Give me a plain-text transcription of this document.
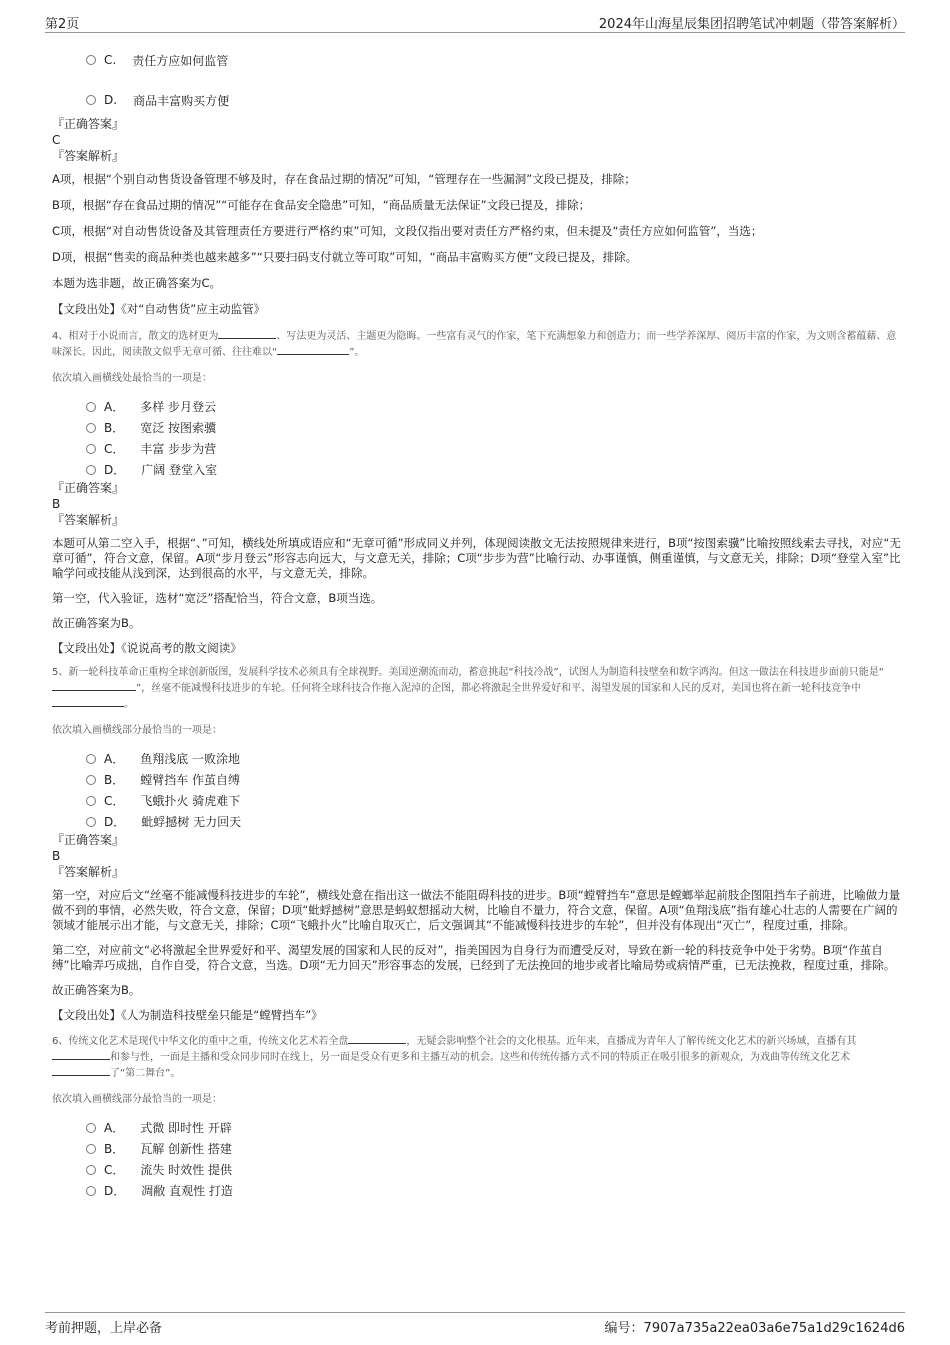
第2页	2024年山海星辰集团招聘笔试冲刺题（带答案解析）
C. 责任方应如何监管
D. 商品丰富购买方便
『正确答案』
C
『答案解析』

A项，根据“个别自动售货设备管理不够及时，存在食品过期的情况”可知，“管理存在一些漏洞”文段已提及，排除；

B项，根据“存在食品过期的情况”“可能存在食品安全隐患”可知，“商品质量无法保证”文段已提及，排除；

C项，根据“对自动售货设备及其管理责任方要进行严格约束”可知，文段仅指出要对责任方严格约束，但未提及“责任方应如何监管”，当选；

D项，根据“售卖的商品种类也越来越多”“只要扫码支付就立等可取”可知，“商品丰富购买方便”文段已提及，排除。

本题为选非题，故正确答案为C。

【文段出处】《对“自动售货”应主动监管》

4、相对于小说而言，散文的选材更为	、写法更为灵活、主题更为隐晦。一些富有灵气的作家，笔下充满想象力和创造力；而一些学养深厚、阅历丰富的作家，为文则含蓄蕴藉、意味深长。因此，阅读散文似乎无章可循、往往难以“	”。

依次填入画横线处最恰当的一项是：

A． 多样 步月登云
B． 宽泛 按图索骥
C． 丰富 步步为营
D． 广阔 登堂入室
『正确答案』
B
『答案解析』

本题可从第二空入手，根据“、”可知，横线处所填成语应和“无章可循”形成同义并列，体现阅读散文无法按照规律来进行，B项“按图索骥”比喻按照线索去寻找，对应“无章可循”，符合文意，保留。A项“步月登云”形容志向远大，与文意无关，排除；C项“步步为营”比喻行动、办事谨慎，侧重谨慎，与文意无关，排除；D项“登堂入室”比喻学问或技能从浅到深，达到很高的水平，与文意无关，排除。

第一空，代入验证，选材“宽泛”搭配恰当，符合文意，B项当选。

故正确答案为B。

【文段出处】《说说高考的散文阅读》

5、新一轮科技革命正重构全球创新版图，发展科学技术必须具有全球视野。美国逆潮流而动，蓄意挑起“科技冷战”，试图人为制造科技壁垒和数字鸿沟。但这一做法在科技进步面前只能是“”，丝毫不能减慢科技进步的车轮。任何将全球科技合作拖入泥淖的企图，都必将激起全世界爱好和平、渴望发展的国家和人民的反对，美国也将在新一轮科技竞争中。

依次填入画横线部分最恰当的一项是：

A． 鱼翔浅底 一败涂地
B． 螳臂挡车 作茧自缚
C． 飞蛾扑火 骑虎难下
D． 蚍蜉撼树 无力回天
『正确答案』
B
『答案解析』

第一空，对应后文“丝毫不能减慢科技进步的车轮”，横线处意在指出这一做法不能阻碍科技的进步。B项“螳臂挡车”意思是螳螂举起前肢企图阻挡车子前进，比喻做力量做不到的事情，必然失败，符合文意，保留；D项“蚍蜉撼树”意思是蚂蚁想摇动大树，比喻自不量力，符合文意，保留。A项“鱼翔浅底”指有雄心壮志的人需要在广阔的领域才能展示出才能，与文意无关，排除；C项“飞蛾扑火”比喻自取灭亡，后文强调其“不能减慢科技进步的车轮”，但并没有体现出“灭亡”，程度过重，排除。

第二空，对应前文“必将激起全世界爱好和平、渴望发展的国家和人民的反对”，指美国因为自身行为而遭受反对，导致在新一轮的科技竞争中处于劣势。B项“作茧自缚”比喻弄巧成拙，自作自受，符合文意，当选。D项“无力回天”形容事态的发展，已经到了无法挽回的地步或者比喻局势或病情严重，已无法挽救，程度过重，排除。

故正确答案为B。

【文段出处】《人为制造科技壁垒只能是“螳臂挡车”》

6、传统文化艺术是现代中华文化的重中之重，传统文化艺术若全盘	，无疑会影响整个社会的文化根基。近年来，直播成为青年人了解传统文化艺术的新兴场域，直播有其和参与性，一面是主播和受众同步同时在线上，另一面是受众有更多和主播互动的机会。这些和传统传播方式不同的特质正在吸引很多的新观众，为戏曲等传统文化艺术了“第二舞台”。

依次填入画横线部分最恰当的一项是：

A． 式微 即时性 开辟
B． 瓦解 创新性 搭建
C． 流失 时效性 提供
D． 凋敝 直观性 打造
考前押题，上岸必备	编号：7907a735a22ea03a6e75a1d29c1624d6
